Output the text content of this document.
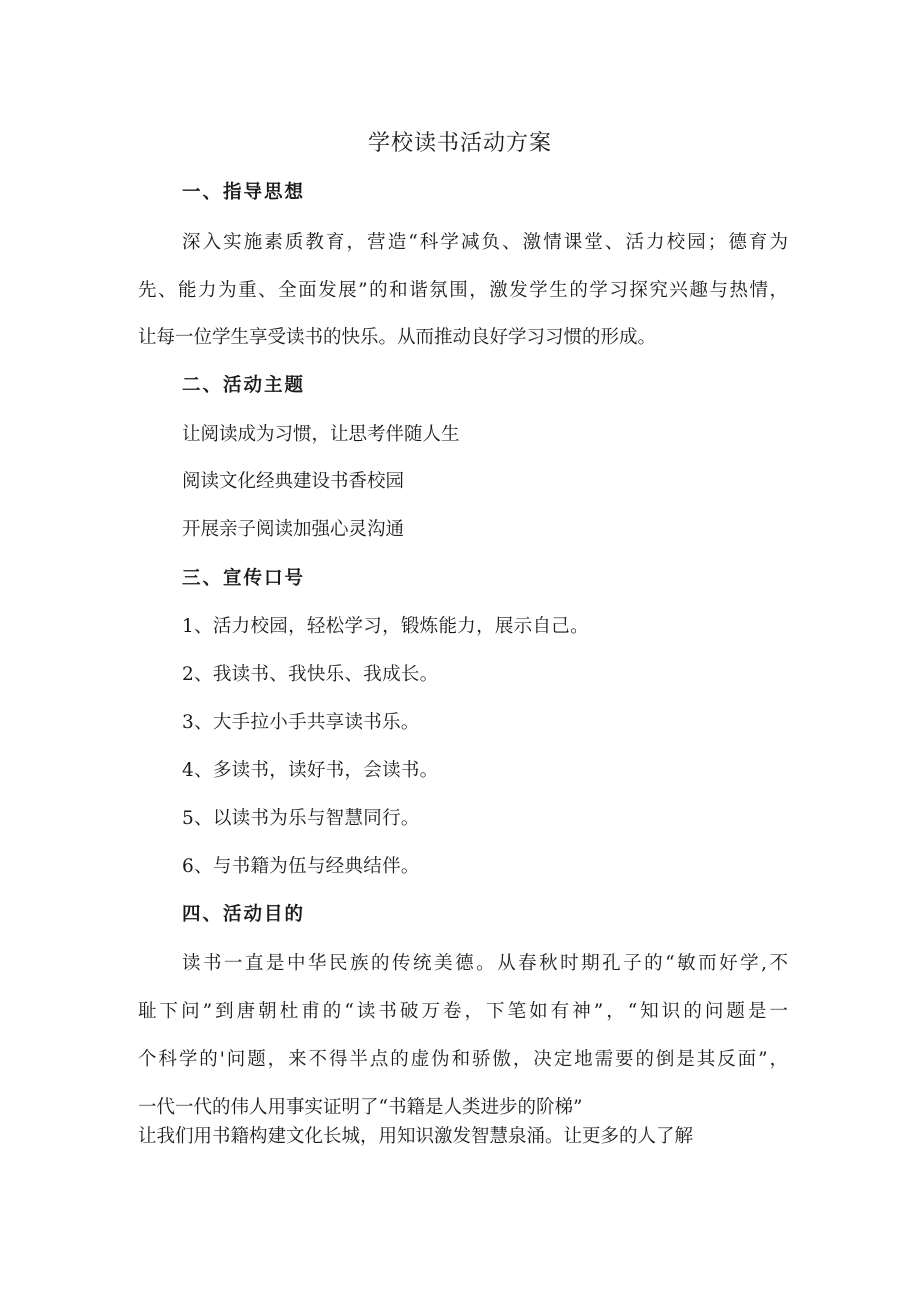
学校读书活动方案

一、指导思想

深入实施素质教育，营造“科学减负、激情课堂、活力校园；德育为

先、能力为重、全面发展”的和谐氛围，激发学生的学习探究兴趣与热情，

让每一位学生享受读书的快乐。从而推动良好学习习惯的形成。

二、活动主题

让阅读成为习惯，让思考伴随人生

阅读文化经典建设书香校园

开展亲子阅读加强心灵沟通

三、宣传口号

1、活力校园，轻松学习，锻炼能力，展示自己。

2、我读书、我快乐、我成长。

3、大手拉小手共享读书乐。

4、多读书，读好书，会读书。

5、以读书为乐与智慧同行。

6、与书籍为伍与经典结伴。

四、活动目的

读书一直是中华民族的传统美德。从春秋时期孔子的“敏而好学,不

耻下问”到唐朝杜甫的“读书破万卷，下笔如有神”，“知识的问题是一

个科学的'问题，来不得半点的虚伪和骄傲，决定地需要的倒是其反面”，

一代一代的伟人用事实证明了“书籍是人类进步的阶梯”

让我们用书籍构建文化长城，用知识激发智慧泉涌。让更多的人了解
